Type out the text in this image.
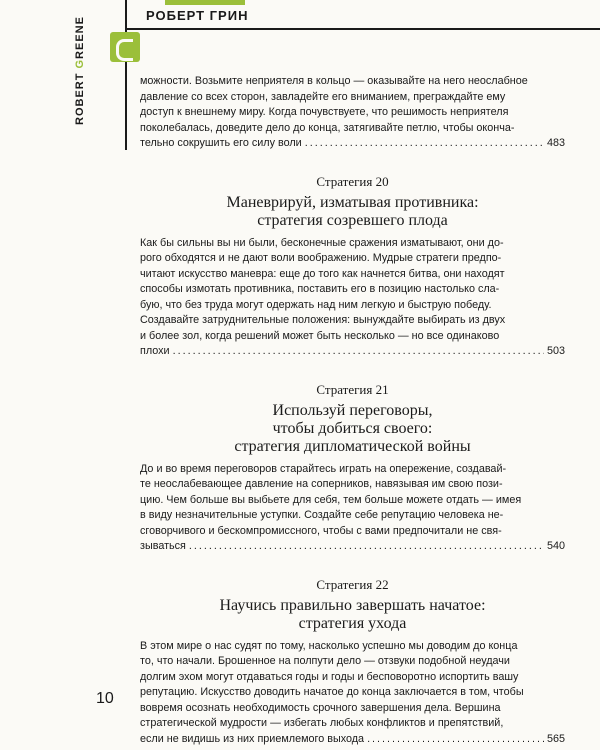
РОБЕРТ ГРИН
ROBERT GREENE
можности. Возьмите неприятеля в кольцо — оказывайте на него неослабное
давление со всех сторон, завладейте его вниманием, преграждайте ему
доступ к внешнему миру. Когда почувствуете, что решимость неприятеля
поколебалась, доведите дело до конца, затягивайте петлю, чтобы оконча-
тельно сокрушить его силу воли .....	483
Стратегия 20
Маневрируй, изматывая противника:
стратегия созревшего плода
Как бы сильны вы ни были, бесконечные сражения изматывают, они до-
рого обходятся и не дают воли воображению. Мудрые стратеги предпо-
читают искусство маневра: еще до того как начнется битва, они находят
способы измотать противника, поставить его в позицию настолько сла-
бую, что без труда могут одержать над ним легкую и быструю победу.
Создавайте затруднительные положения: вынуждайте выбирать из двух
и более зол, когда решений может быть несколько — но все одинаково
плохи .....	503
Стратегия 21
Используй переговоры,
чтобы добиться своего:
стратегия дипломатической войны
До и во время переговоров старайтесь играть на опережение, создавай-
те неослабевающее давление на соперников, навязывая им свою пози-
цию. Чем больше вы выбьете для себя, тем больше можете отдать — имея
в виду незначительные уступки. Создайте себе репутацию человека не-
сговорчивого и бескомпромиссного, чтобы с вами предпочитали не свя-
зываться .....	540
Стратегия 22
Научись правильно завершать начатое:
стратегия ухода
В этом мире о нас судят по тому, насколько успешно мы доводим до конца
то, что начали. Брошенное на полпути дело — отзвуки подобной неудачи
долгим эхом могут отдаваться годы и годы и бесповоротно испортить вашу
репутацию. Искусство доводить начатое до конца заключается в том, чтобы
вовремя осознать необходимость срочного завершения дела. Вершина
стратегической мудрости — избегать любых конфликтов и препятствий,
если не видишь из них приемлемого выхода .....	565
10
